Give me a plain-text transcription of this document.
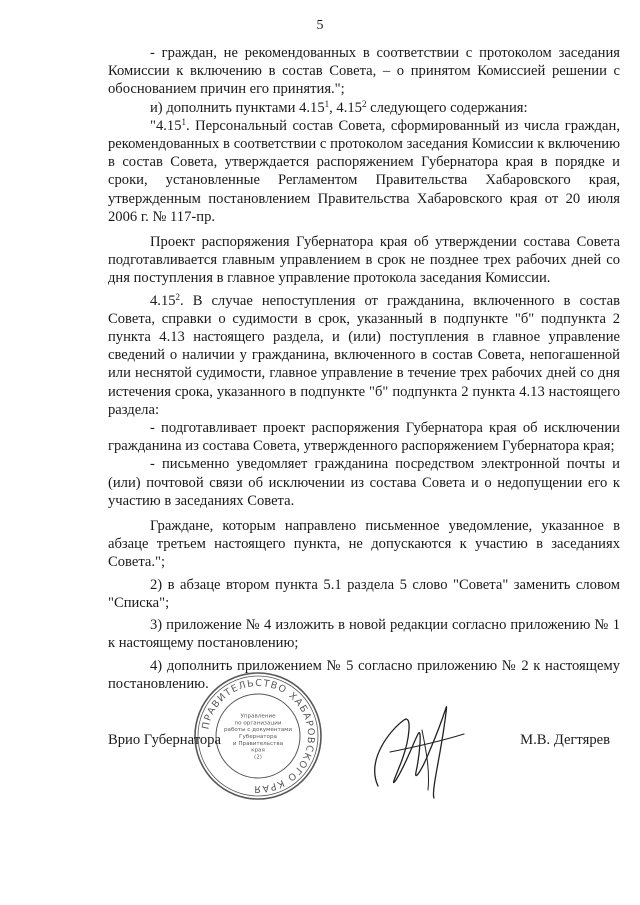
5

- граждан, не рекомендованных в соответствии с протоколом заседания Комиссии к включению в состав Совета, – о принятом Комиссией решении с обоснованием причин его принятия.";

и) дополнить пунктами 4.15$^1$, 4.15$^2$ следующего содержания:

"4.15$^1$. Персональный состав Совета, сформированный из числа граждан, рекомендованных в соответствии с протоколом заседания Комиссии к включению в состав Совета, утверждается распоряжением Губернатора края в порядке и сроки, установленные Регламентом Правительства Хабаровского края, утвержденным постановлением Правительства Хабаровского края от 20 июля 2006 г. № 117-пр.

Проект распоряжения Губернатора края об утверждении состава Совета подготавливается главным управлением в срок не позднее трех рабочих дней со дня поступления в главное управление протокола заседания Комиссии.

4.15$^2$. В случае непоступления от гражданина, включенного в состав Совета, справки о судимости в срок, указанный в подпункте "б" подпункта 2 пункта 4.13 настоящего раздела, и (или) поступления в главное управление сведений о наличии у гражданина, включенного в состав Совета, непогашенной или неснятой судимости, главное управление в течение трех рабочих дней со дня истечения срока, указанного в подпункте "б" подпункта 2 пункта 4.13 настоящего раздела:

- подготавливает проект распоряжения Губернатора края об исключении гражданина из состава Совета, утвержденного распоряжением Губернатора края;

- письменно уведомляет гражданина посредством электронной почты и (или) почтовой связи об исключении из состава Совета и о недопущении его к участию в заседаниях Совета.

Граждане, которым направлено письменное уведомление, указанное в абзаце третьем настоящего пункта, не допускаются к участию в заседаниях Совета.";

2) в абзаце втором пункта 5.1 раздела 5 слово "Совета" заменить словом "Списка";

3) приложение № 4 изложить в новой редакции согласно приложению № 1 к настоящему постановлению;

4) дополнить приложением № 5 согласно приложению № 2 к настоящему постановлению.

Врио Губернатора
ПРАВИТЕЛЬСТВО ХАБАРОВСКОГО КРАЯ
Управление
по организации
работы с документами
Губернатора
и Правительства
края
(2)
М.В. Дегтярев
